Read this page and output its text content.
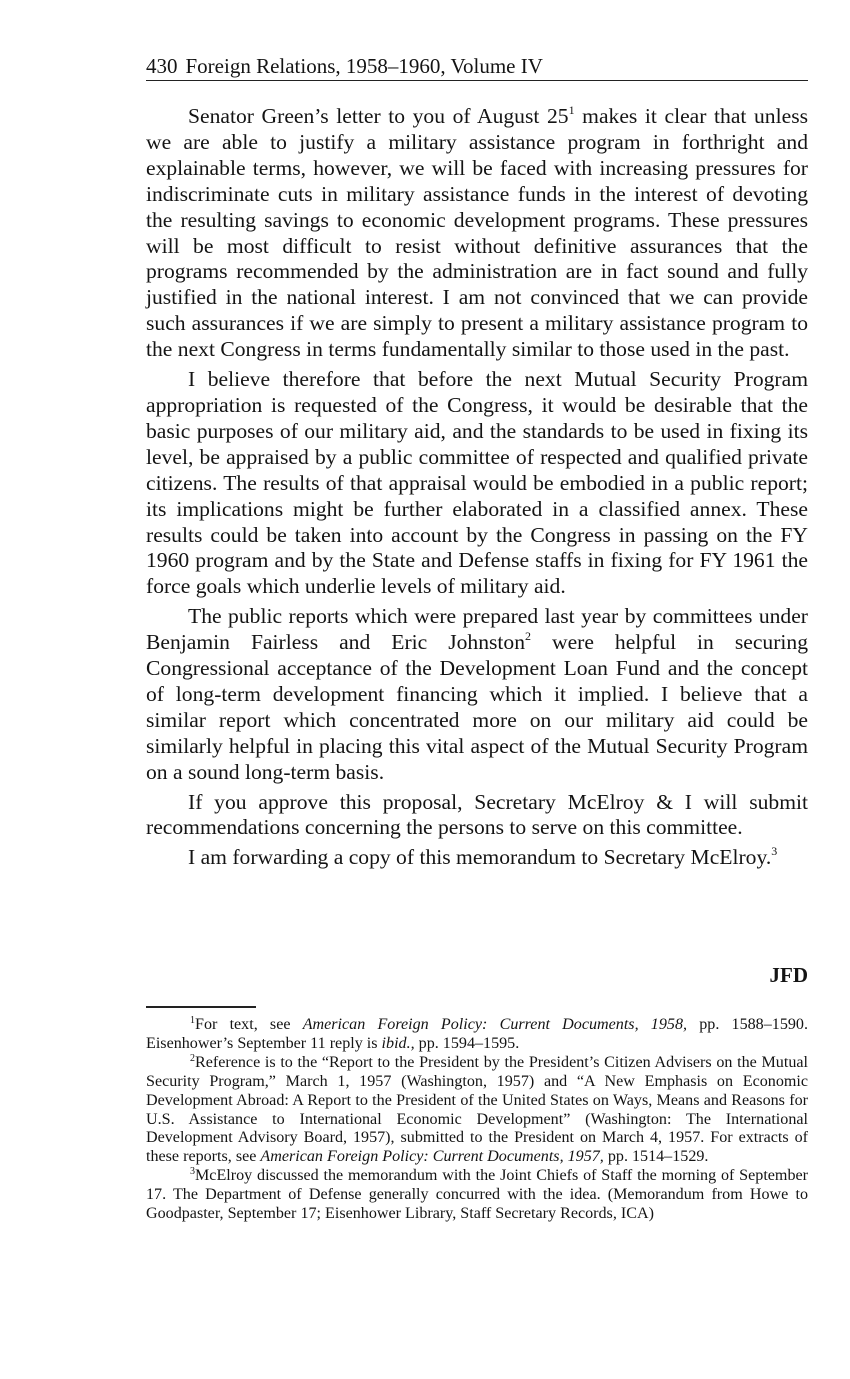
430 Foreign Relations, 1958–1960, Volume IV

Senator Green’s letter to you of August $25^1$ makes it clear that unless we are able to justify a military assistance program in forthright and explainable terms, however, we will be faced with increasing pressures for indiscriminate cuts in military assistance funds in the interest of devoting the resulting savings to economic development programs. These pressures will be most difficult to resist without definitive assurances that the programs recommended by the administration are in fact sound and fully justified in the national interest. I am not convinced that we can provide such assurances if we are simply to present a military assistance program to the next Congress in terms fundamentally similar to those used in the past.

I believe therefore that before the next Mutual Security Program appropriation is requested of the Congress, it would be desirable that the basic purposes of our military aid, and the standards to be used in fixing its level, be appraised by a public committee of respected and qualified private citizens. The results of that appraisal would be embodied in a public report; its implications might be further elaborated in a classified annex. These results could be taken into account by the Congress in passing on the FY 1960 program and by the State and Defense staffs in fixing for FY 1961 the force goals which underlie levels of military aid.

The public reports which were prepared last year by committees under Benjamin Fairless and Eric Johnston$^2$ were helpful in securing Congressional acceptance of the Development Loan Fund and the concept of long-term development financing which it implied. I believe that a similar report which concentrated more on our military aid could be similarly helpful in placing this vital aspect of the Mutual Security Program on a sound long-term basis.

If you approve this proposal, Secretary McElroy & I will submit recommendations concerning the persons to serve on this committee.

I am forwarding a copy of this memorandum to Secretary McElroy.$^3$

JFD

$^1$For text, see American Foreign Policy: Current Documents, 1958, pp. 1588–1590. Eisenhower’s September 11 reply is ibid., pp. 1594–1595.

$^2$Reference is to the “Report to the President by the President’s Citizen Advisers on the Mutual Security Program,” March 1, 1957 (Washington, 1957) and “A New Emphasis on Economic Development Abroad: A Report to the President of the United States on Ways, Means and Reasons for U.S. Assistance to International Economic Development” (Washington: The International Development Advisory Board, 1957), submitted to the President on March 4, 1957. For extracts of these reports, see American Foreign Policy: Current Documents, 1957, pp. 1514–1529.

$^3$McElroy discussed the memorandum with the Joint Chiefs of Staff the morning of September 17. The Department of Defense generally concurred with the idea. (Memorandum from Howe to Goodpaster, September 17; Eisenhower Library, Staff Secretary Records, ICA)
